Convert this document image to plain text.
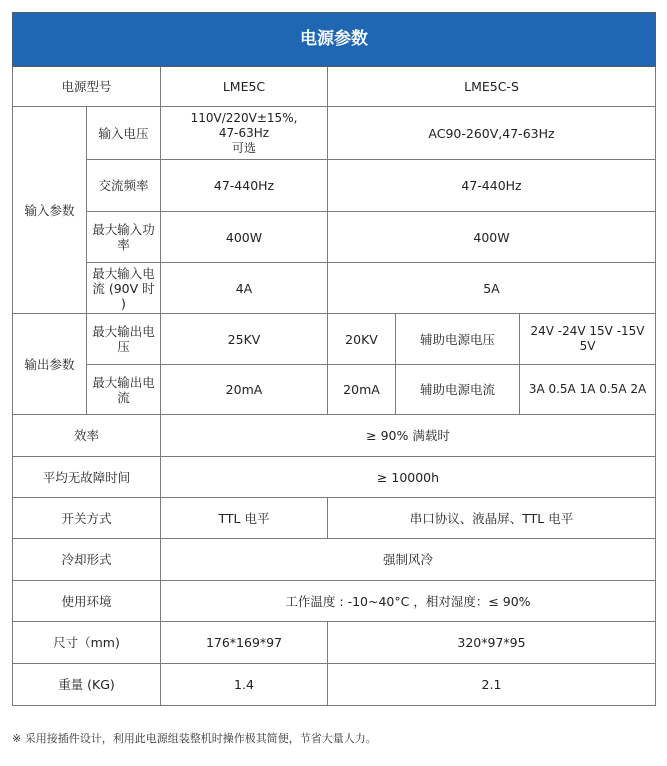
电源参数					
电源型号		LME5C	LME5C-S		
输入参数	输入电压	110V/220V±15%,
47-63Hz
可选	AC90-260V,47-63Hz		
	交流频率	47-440Hz	47-440Hz		
	最大输入功率	400W	400W		
	最大输入电流 (90V 时 )	4A	5A		
输出参数	最大输出电压	25KV	20KV	辅助电源电压	24V -24V 15V -15V 5V
	最大输出电流	20mA	20mA	辅助电源电流	3A 0.5A 1A 0.5A 2A
效率		≥ 90% 满载时			
平均无故障时间		≥ 10000h			
开关方式		TTL 电平	串口协议、液晶屏、TTL 电平		
冷却形式		强制风冷			
使用环境		工作温度 : -10~40°C ，相对湿度：≤ 90%			
尺寸（mm)		176*169*97	320*97*95		
重量 (KG)		1.4	2.1		
※ 采用接插件设计，利用此电源组装整机时操作极其简便，节省大量人力。
